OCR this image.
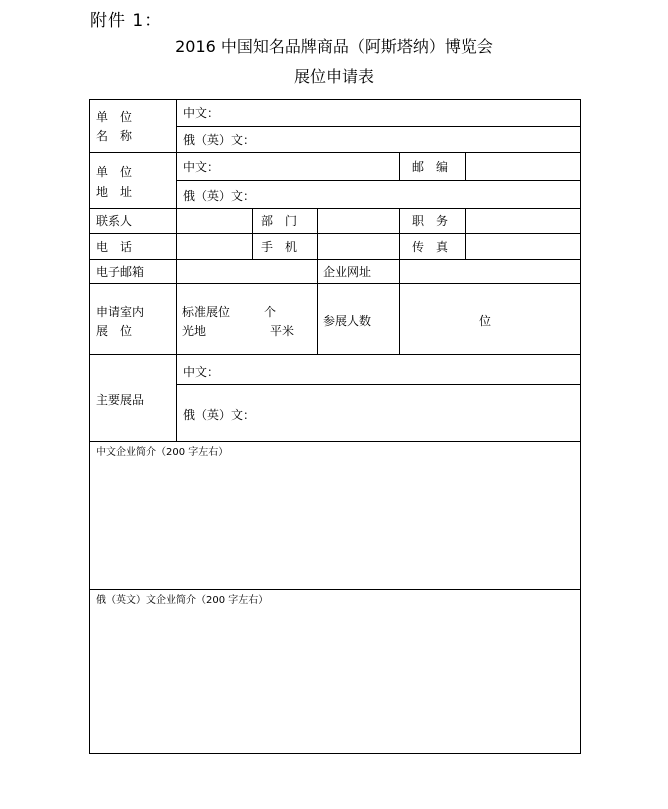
附件 1：
2016 中国知名品牌商品（阿斯塔纳）博览会
展位申请表
单　位
名　称
中文：
俄（英）文：
单　位
地　址
中文：	邮　编
俄（英）文：
联系人	部　门	职　务
电　话	手　机	传　真
电子邮箱	企业网址
申请室内
展　位
标准展位	个
光地	平米
参展人数	位
主要展品
中文：
俄（英）文：
中文企业简介（200 字左右）
俄（英文）文企业简介（200 字左右）
